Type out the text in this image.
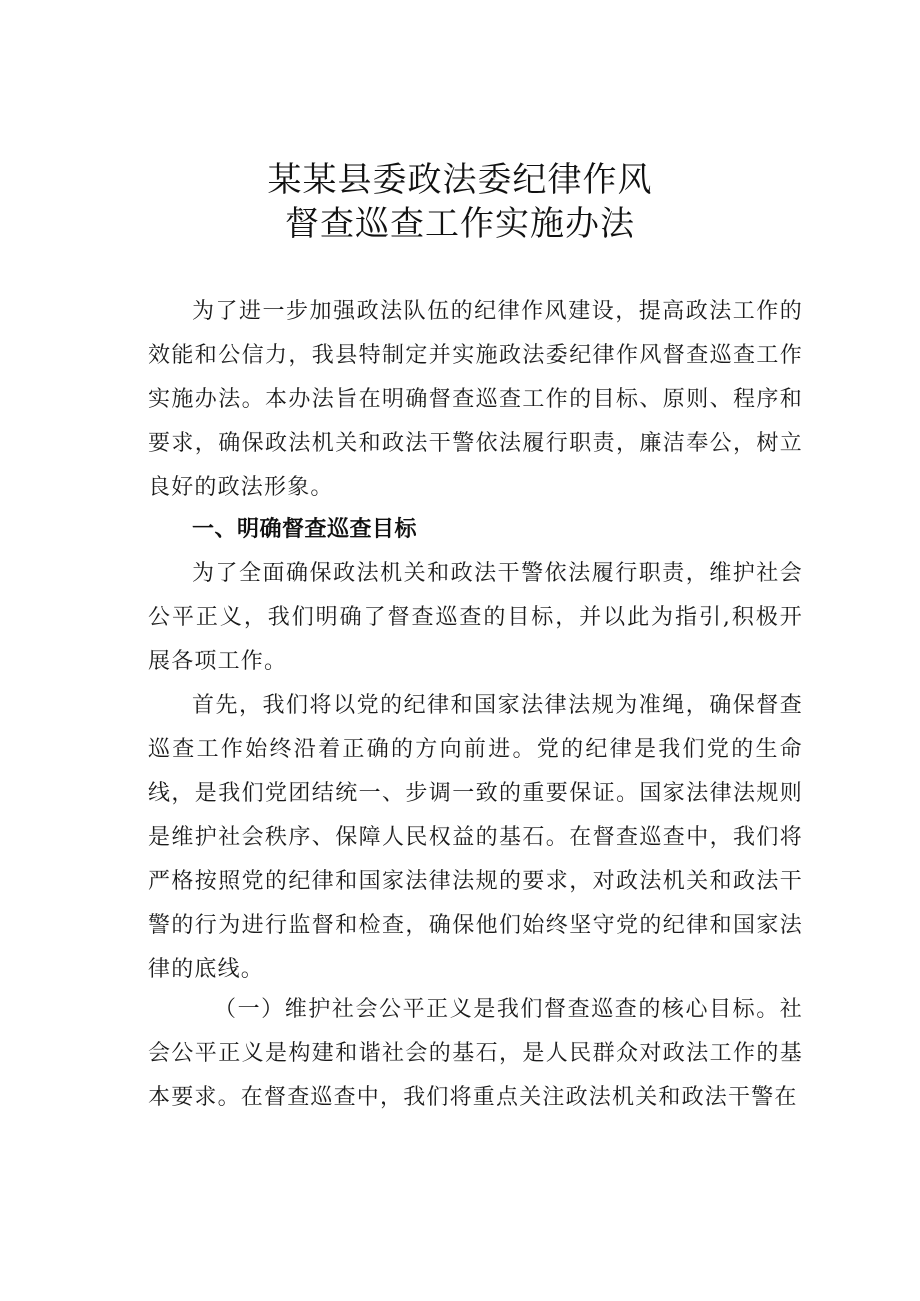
某某县委政法委纪律作风
督查巡查工作实施办法

为了进一步加强政法队伍的纪律作风建设，提高政法工作的效能和公信力，我县特制定并实施政法委纪律作风督查巡查工作实施办法。本办法旨在明确督查巡查工作的目标、原则、程序和要求，确保政法机关和政法干警依法履行职责，廉洁奉公，树立良好的政法形象。

一、明确督查巡查目标

为了全面确保政法机关和政法干警依法履行职责，维护社会公平正义，我们明确了督查巡查的目标，并以此为指引,积极开展各项工作。

首先，我们将以党的纪律和国家法律法规为准绳，确保督查巡查工作始终沿着正确的方向前进。党的纪律是我们党的生命线，是我们党团结统一、步调一致的重要保证。国家法律法规则是维护社会秩序、保障人民权益的基石。在督查巡查中，我们将严格按照党的纪律和国家法律法规的要求，对政法机关和政法干警的行为进行监督和检查，确保他们始终坚守党的纪律和国家法律的底线。

（一）维护社会公平正义是我们督查巡查的核心目标。社会公平正义是构建和谐社会的基石，是人民群众对政法工作的基本要求。在督查巡查中，我们将重点关注政法机关和政法干警在
